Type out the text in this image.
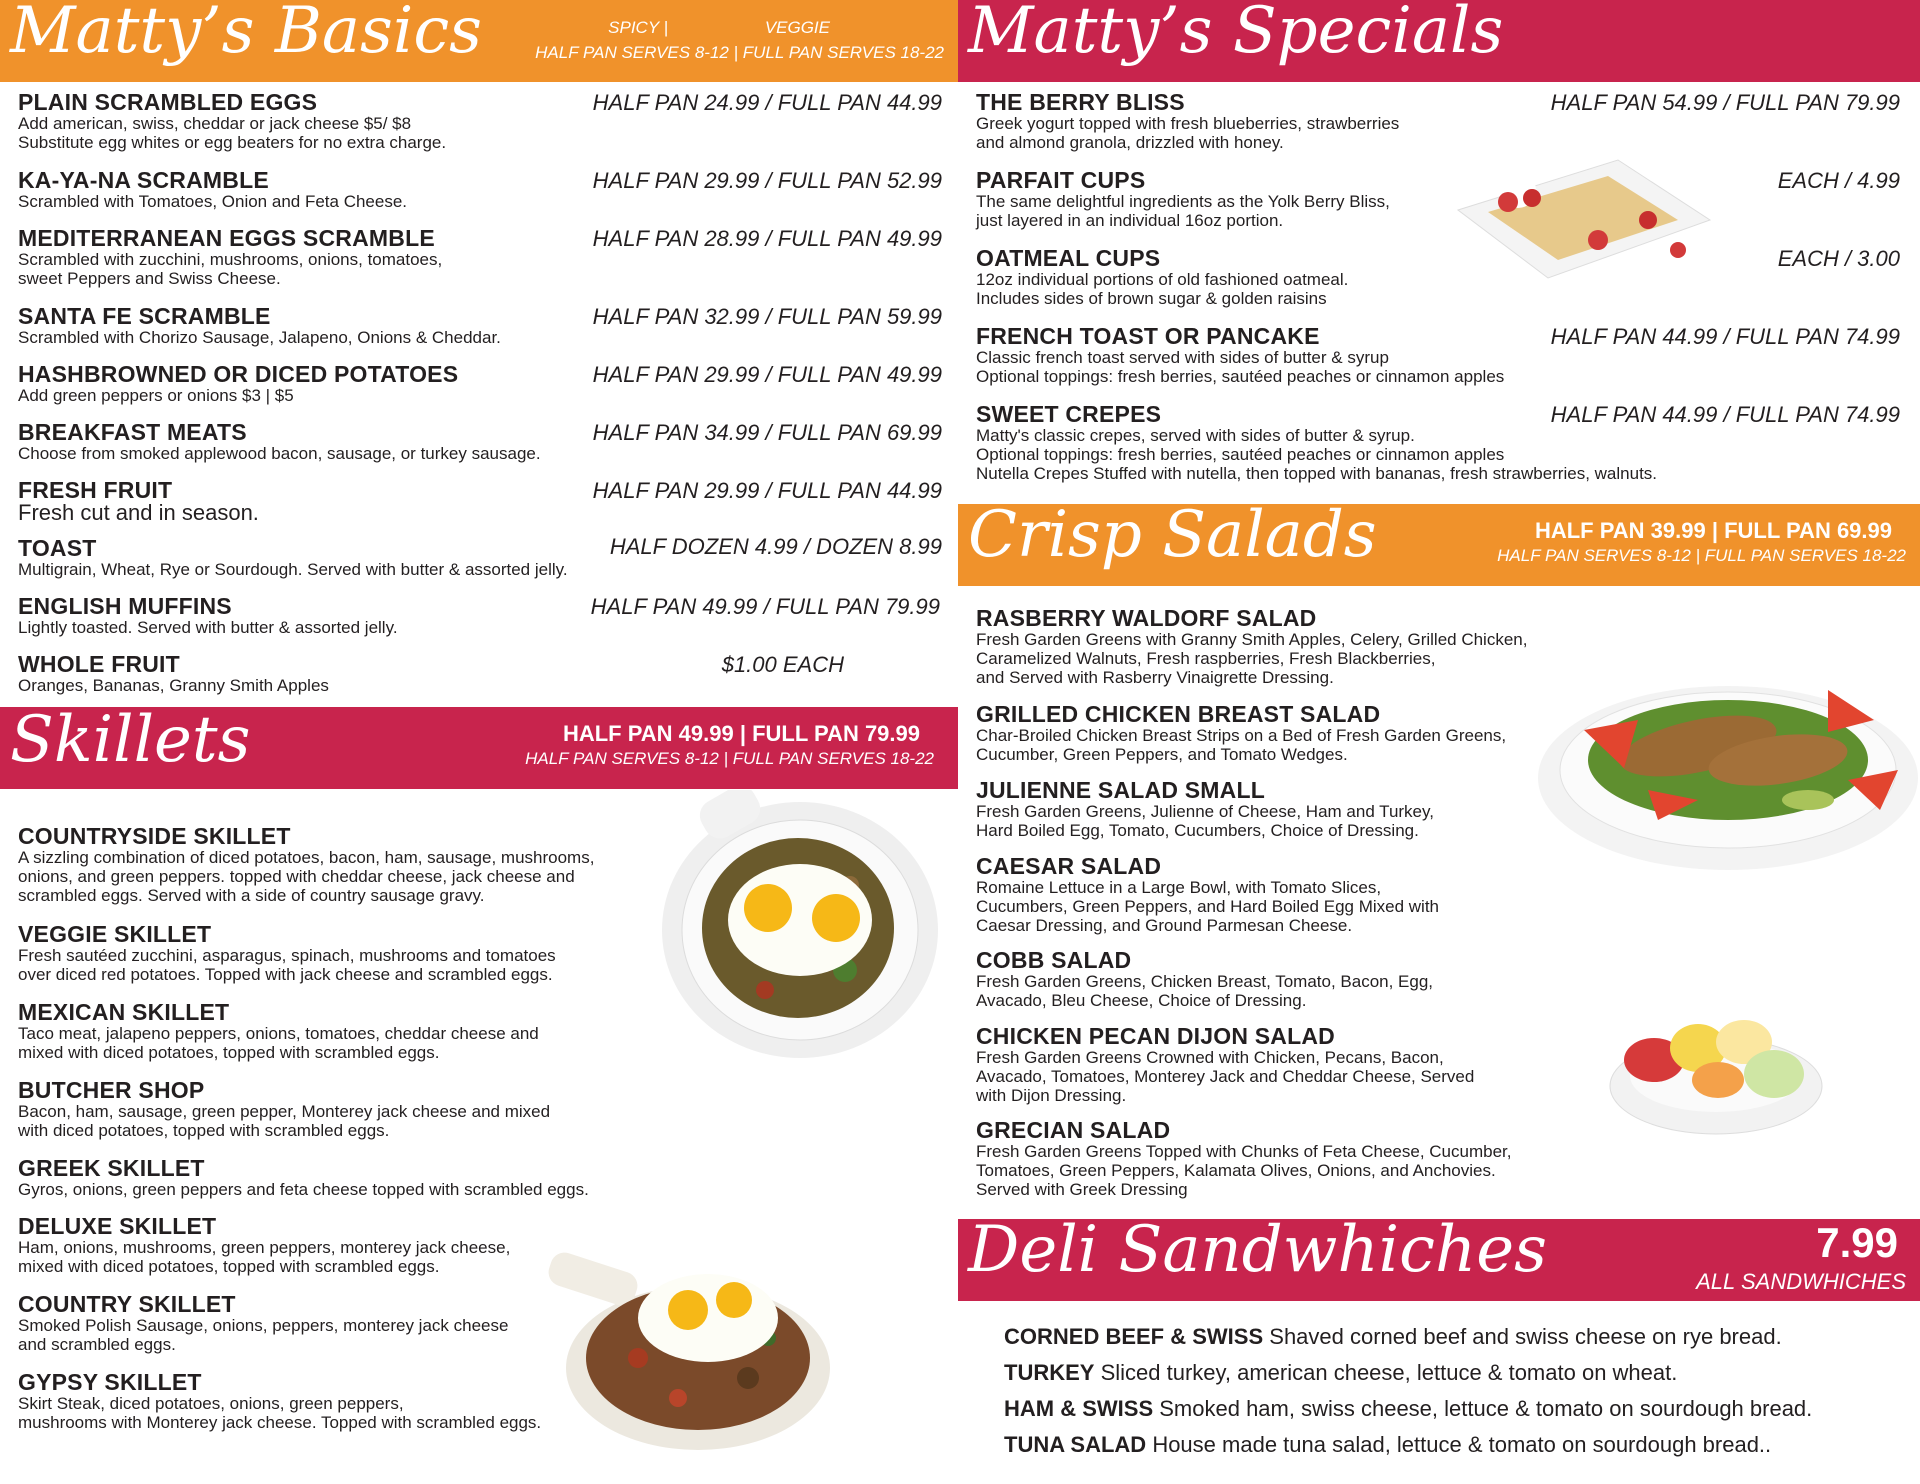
Matty’s Basics	SPICY |	VEGGIE
HALF PAN SERVES 8-12 | FULL PAN SERVES 18-22
PLAIN SCRAMBLED EGGS
Add american, swiss, cheddar or jack cheese $5/ $8
Substitute egg whites or egg beaters for no extra charge.
HALF PAN 24.99 / FULL PAN 44.99
KA-YA-NA SCRAMBLE
Scrambled with Tomatoes, Onion and Feta Cheese.
HALF PAN 29.99 / FULL PAN 52.99
MEDITERRANEAN EGGS SCRAMBLE
Scrambled with zucchini, mushrooms, onions, tomatoes,
sweet Peppers and Swiss Cheese.
HALF PAN 28.99 / FULL PAN 49.99
SANTA FE SCRAMBLE
Scrambled with Chorizo Sausage, Jalapeno, Onions & Cheddar.
HALF PAN 32.99 / FULL PAN 59.99
HASHBROWNED OR DICED POTATOES
Add green peppers or onions $3 | $5
HALF PAN 29.99 / FULL PAN 49.99
BREAKFAST MEATS
Choose from smoked applewood bacon, sausage, or turkey sausage.
HALF PAN 34.99 / FULL PAN 69.99
FRESH FRUIT
Fresh cut and in season.
HALF PAN 29.99 / FULL PAN 44.99
TOAST
Multigrain, Wheat, Rye or Sourdough. Served with butter & assorted jelly.
HALF DOZEN 4.99 / DOZEN 8.99
ENGLISH MUFFINS
Lightly toasted. Served with butter & assorted jelly.
HALF PAN 49.99 / FULL PAN 79.99
WHOLE FRUIT
Oranges, Bananas, Granny Smith Apples
$1.00 EACH
Skillets	HALF PAN 49.99 | FULL PAN 79.99
HALF PAN SERVES 8-12 | FULL PAN SERVES 18-22
COUNTRYSIDE SKILLET
A sizzling combination of diced potatoes, bacon, ham, sausage, mushrooms,
onions, and green peppers. topped with cheddar cheese, jack cheese and
scrambled eggs. Served with a side of country sausage gravy.
VEGGIE SKILLET
Fresh sautéed zucchini, asparagus, spinach, mushrooms and tomatoes
over diced red potatoes. Topped with jack cheese and scrambled eggs.
MEXICAN SKILLET
Taco meat, jalapeno peppers, onions, tomatoes, cheddar cheese and
mixed with diced potatoes, topped with scrambled eggs.
BUTCHER SHOP
Bacon, ham, sausage, green pepper, Monterey jack cheese and mixed
with diced potatoes, topped with scrambled eggs.
GREEK SKILLET
Gyros, onions, green peppers and feta cheese topped with scrambled eggs.
DELUXE SKILLET
Ham, onions, mushrooms, green peppers, monterey jack cheese,
mixed with diced potatoes, topped with scrambled eggs.
COUNTRY SKILLET
Smoked Polish Sausage, onions, peppers, monterey jack cheese
and scrambled eggs.
GYPSY SKILLET
Skirt Steak, diced potatoes, onions, green peppers,
mushrooms with Monterey jack cheese. Topped with scrambled eggs.
Matty’s Specials
THE BERRY BLISS
Greek yogurt topped with fresh blueberries, strawberries
and almond granola, drizzled with honey.
HALF PAN 54.99 / FULL PAN 79.99
PARFAIT CUPS
The same delightful ingredients as the Yolk Berry Bliss,
just layered in an individual 16oz portion.
EACH / 4.99
OATMEAL CUPS
12oz individual portions of old fashioned oatmeal.
Includes sides of brown sugar & golden raisins
EACH / 3.00
FRENCH TOAST OR PANCAKE
Classic french toast served with sides of butter & syrup
Optional toppings: fresh berries, sautéed peaches or cinnamon apples
HALF PAN 44.99 / FULL PAN 74.99
SWEET CREPES
Matty's classic crepes, served with sides of butter & syrup.
Optional toppings: fresh berries, sautéed peaches or cinnamon apples
Nutella Crepes Stuffed with nutella, then topped with bananas, fresh strawberries, walnuts.
HALF PAN 44.99 / FULL PAN 74.99
Crisp Salads	HALF PAN 39.99 | FULL PAN 69.99
HALF PAN SERVES 8-12 | FULL PAN SERVES 18-22
RASBERRY WALDORF SALAD
Fresh Garden Greens with Granny Smith Apples, Celery, Grilled Chicken,
Caramelized Walnuts, Fresh raspberries, Fresh Blackberries,
and Served with Rasberry Vinaigrette Dressing.
GRILLED CHICKEN BREAST SALAD
Char-Broiled Chicken Breast Strips on a Bed of Fresh Garden Greens,
Cucumber, Green Peppers, and Tomato Wedges.
JULIENNE SALAD SMALL
Fresh Garden Greens, Julienne of Cheese, Ham and Turkey,
Hard Boiled Egg, Tomato, Cucumbers, Choice of Dressing.
CAESAR SALAD
Romaine Lettuce in a Large Bowl, with Tomato Slices,
Cucumbers, Green Peppers, and Hard Boiled Egg Mixed with
Caesar Dressing, and Ground Parmesan Cheese.
COBB SALAD
Fresh Garden Greens, Chicken Breast, Tomato, Bacon, Egg,
Avacado, Bleu Cheese, Choice of Dressing.
CHICKEN PECAN DIJON SALAD
Fresh Garden Greens Crowned with Chicken, Pecans, Bacon,
Avacado, Tomatoes, Monterey Jack and Cheddar Cheese, Served
with Dijon Dressing.
GRECIAN SALAD
Fresh Garden Greens Topped with Chunks of Feta Cheese, Cucumber,
Tomatoes, Green Peppers, Kalamata Olives, Onions, and Anchovies.
Served with Greek Dressing
Deli Sandwhiches	7.99
ALL SANDWHICHES
CORNED BEEF & SWISS Shaved corned beef and swiss cheese on rye bread.
TURKEY Sliced turkey, american cheese, lettuce & tomato on wheat.
HAM & SWISS Smoked ham, swiss cheese, lettuce & tomato on sourdough bread.
TUNA SALAD House made tuna salad, lettuce & tomato on sourdough bread..
